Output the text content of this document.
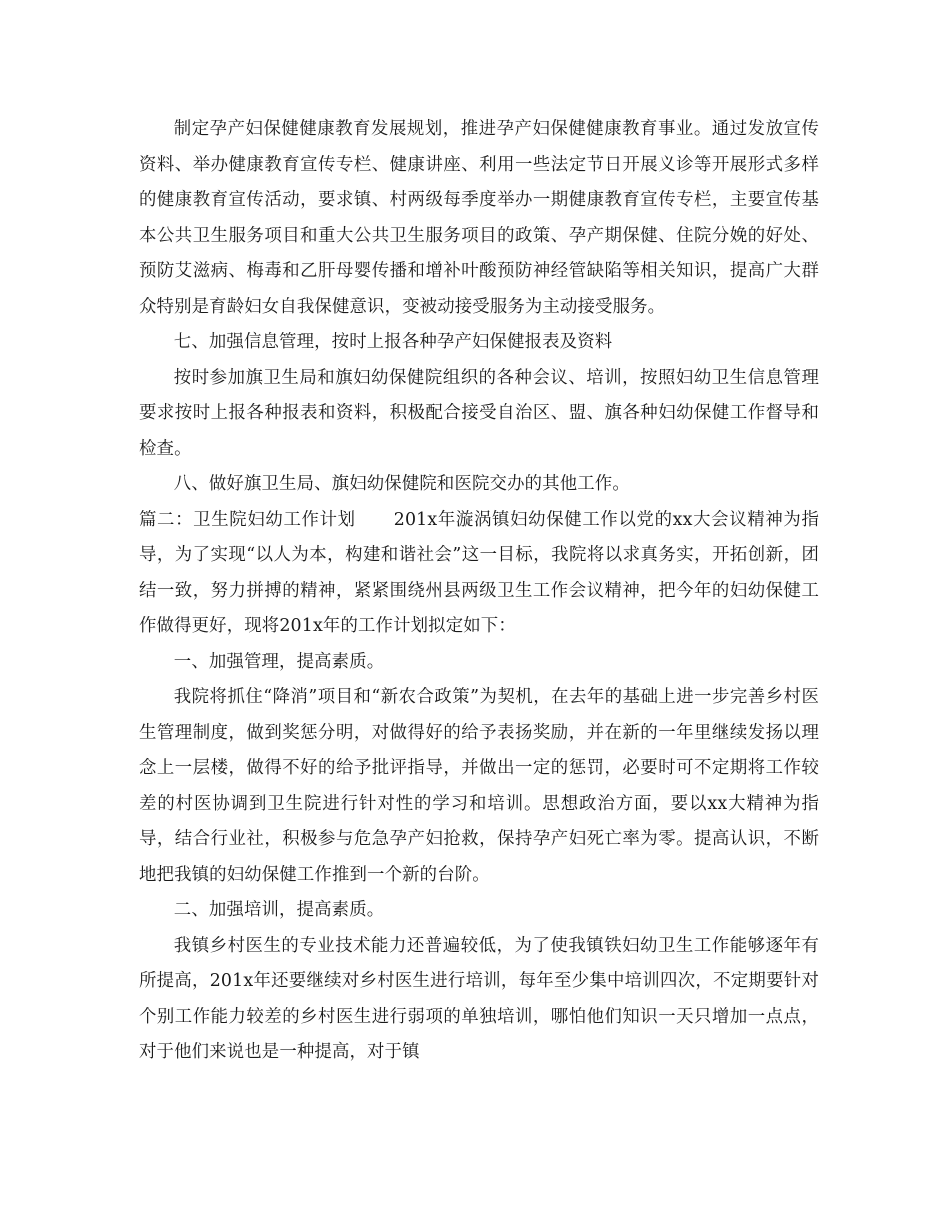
制定孕产妇保健健康教育发展规划，推进孕产妇保健健康教育事业。通过发放宣传资料、举办健康教育宣传专栏、健康讲座、利用一些法定节日开展义诊等开展形式多样的健康教育宣传活动，要求镇、村两级每季度举办一期健康教育宣传专栏，主要宣传基本公共卫生服务项目和重大公共卫生服务项目的政策、孕产期保健、住院分娩的好处、预防艾滋病、梅毒和乙肝母婴传播和增补叶酸预防神经管缺陷等相关知识，提高广大群众特别是育龄妇女自我保健意识，变被动接受服务为主动接受服务。

七、加强信息管理，按时上报各种孕产妇保健报表及资料

按时参加旗卫生局和旗妇幼保健院组织的各种会议、培训，按照妇幼卫生信息管理要求按时上报各种报表和资料，积极配合接受自治区、盟、旗各种妇幼保健工作督导和检查。

八、做好旗卫生局、旗妇幼保健院和医院交办的其他工作。

篇二：卫生院妇幼工作计划 201x年漩涡镇妇幼保健工作以党的xx大会议精神为指导，为了实现“以人为本，构建和谐社会”这一目标，我院将以求真务实，开拓创新，团结一致，努力拼搏的精神，紧紧围绕州县两级卫生工作会议精神，把今年的妇幼保健工作做得更好，现将201x年的工作计划拟定如下：

一、加强管理，提高素质。

我院将抓住“降消”项目和“新农合政策”为契机，在去年的基础上进一步完善乡村医生管理制度，做到奖惩分明，对做得好的给予表扬奖励，并在新的一年里继续发扬以理念上一层楼，做得不好的给予批评指导，并做出一定的惩罚，必要时可不定期将工作较差的村医协调到卫生院进行针对性的学习和培训。思想政治方面，要以xx大精神为指导，结合行业社，积极参与危急孕产妇抢救，保持孕产妇死亡率为零。提高认识，不断地把我镇的妇幼保健工作推到一个新的台阶。

二、加强培训，提高素质。

我镇乡村医生的专业技术能力还普遍较低，为了使我镇铁妇幼卫生工作能够逐年有所提高，201x年还要继续对乡村医生进行培训，每年至少集中培训四次，不定期要针对个别工作能力较差的乡村医生进行弱项的单独培训，哪怕他们知识一天只增加一点点，对于他们来说也是一种提高，对于镇
